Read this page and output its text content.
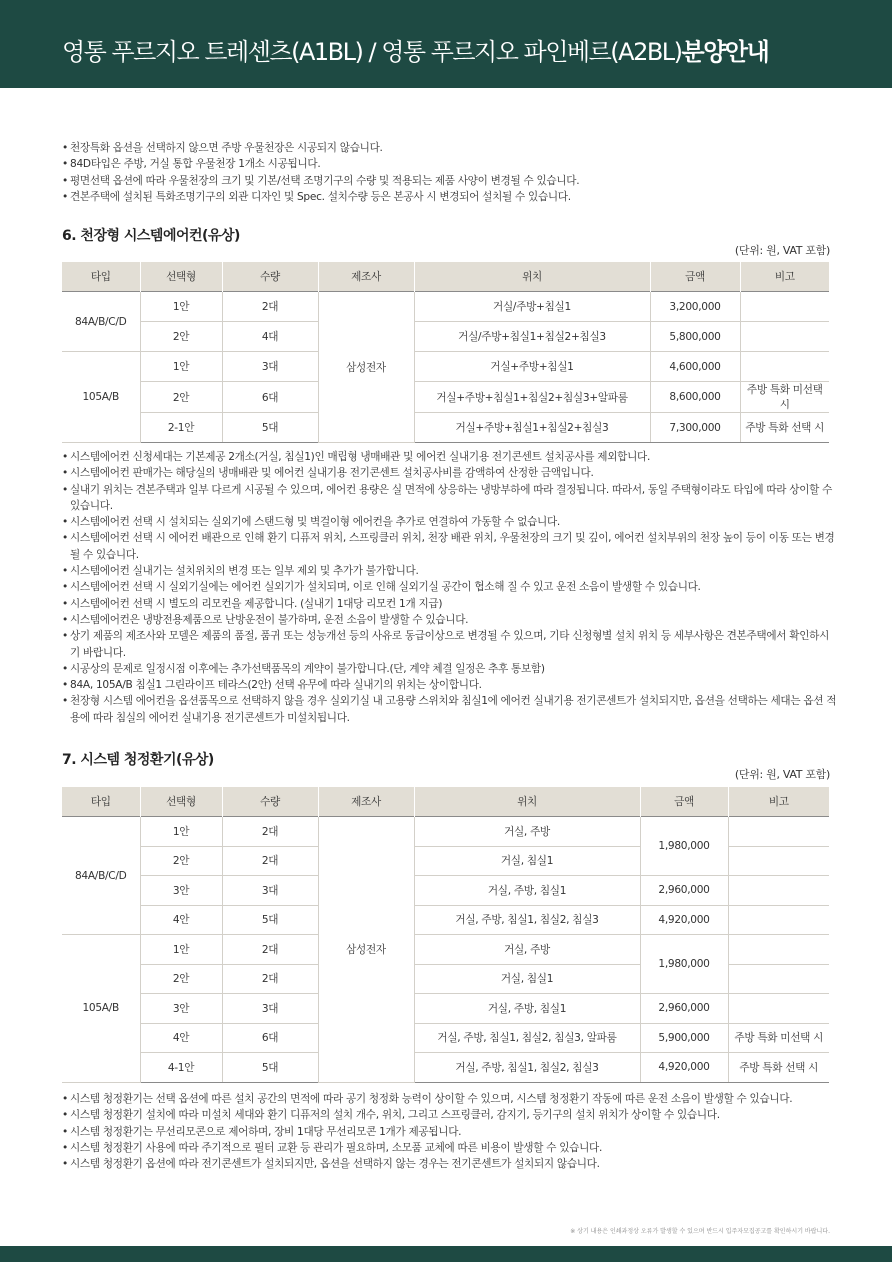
영통 푸르지오 트레센츠(A1BL) / 영통 푸르지오 파인베르(A2BL)분양안내
• 천장특화 옵션을 선택하지 않으면 주방 우물천장은 시공되지 않습니다.
• 84D타입은 주방, 거실 통합 우물천장 1개소 시공됩니다.
• 평면선택 옵션에 따라 우물천장의 크기 및 기본/선택 조명기구의 수량 및 적용되는 제품 사양이 변경될 수 있습니다.
• 견본주택에 설치된 특화조명기구의 외관 디자인 및 Spec. 설치수량 등은 본공사 시 변경되어 설치될 수 있습니다.
6. 천장형 시스템에어컨(유상)
(단위: 원, VAT 포함)
타입	선택형	수량	제조사	위치	금액	비고
84A/B/C/D	1안	2대	삼성전자	거실/주방+침실1	3,200,000	
	2안	4대		거실/주방+침실1+침실2+침실3	5,800,000	
105A/B	1안	3대		거실+주방+침실1	4,600,000	
	2안	6대		거실+주방+침실1+침실2+침실3+알파룸	8,600,000	주방 특화 미선택 시
	2-1안	5대		거실+주방+침실1+침실2+침실3	7,300,000	주방 특화 선택 시
• 시스템에어컨 신청세대는 기본제공 2개소(거실, 침실1)인 매립형 냉매배관 및 에어컨 실내기용 전기콘센트 설치공사를 제외합니다.
• 시스템에어컨 판매가는 해당실의 냉매배관 및 에어컨 실내기용 전기콘센트 설치공사비를 감액하여 산정한 금액입니다.
• 실내기 위치는 견본주택과 일부 다르게 시공될 수 있으며, 에어컨 용량은 실 면적에 상응하는 냉방부하에 따라 결정됩니다. 따라서, 동일 주택형이라도 타입에 따라 상이할 수 있습니다.
• 시스템에어컨 선택 시 설치되는 실외기에 스탠드형 및 벽걸이형 에어컨을 추가로 연결하여 가동할 수 없습니다.
• 시스템에어컨 선택 시 에어컨 배관으로 인해 환기 디퓨저 위치, 스프링클러 위치, 천장 배관 위치, 우물천장의 크기 및 깊이, 에어컨 설치부위의 천장 높이 등이 이동 또는 변경될 수 있습니다.
• 시스템에어컨 실내기는 설치위치의 변경 또는 일부 제외 및 추가가 불가합니다.
• 시스템에어컨 선택 시 실외기실에는 에어컨 실외기가 설치되며, 이로 인해 실외기실 공간이 협소해 질 수 있고 운전 소음이 발생할 수 있습니다.
• 시스템에어컨 선택 시 별도의 리모컨을 제공합니다. (실내기 1대당 리모컨 1개 지급)
• 시스템에어컨은 냉방전용제품으로 난방운전이 불가하며, 운전 소음이 발생할 수 있습니다.
• 상기 제품의 제조사와 모델은 제품의 품절, 품귀 또는 성능개선 등의 사유로 동급이상으로 변경될 수 있으며, 기타 신청형별 설치 위치 등 세부사항은 견본주택에서 확인하시기 바랍니다.
• 시공상의 문제로 일정시점 이후에는 추가선택품목의 계약이 불가합니다.(단, 계약 체결 일정은 추후 통보함)
• 84A, 105A/B 침실1 그린라이프 테라스(2안) 선택 유무에 따라 실내기의 위치는 상이합니다.
• 천장형 시스템 에어컨을 옵션품목으로 선택하지 않을 경우 실외기실 내 고용량 스위치와 침실1에 에어컨 실내기용 전기콘센트가 설치되지만, 옵션을 선택하는 세대는 옵션 적용에 따라 침실의 에어컨 실내기용 전기콘센트가 미설치됩니다.
7. 시스템 청정환기(유상)
(단위: 원, VAT 포함)
타입	선택형	수량	제조사	위치	금액	비고
84A/B/C/D	1안	2대	삼성전자	거실, 주방	1,980,000	
	2안	2대		거실, 침실1		
	3안	3대		거실, 주방, 침실1	2,960,000	
	4안	5대		거실, 주방, 침실1, 침실2, 침실3	4,920,000	
105A/B	1안	2대		거실, 주방	1,980,000	
	2안	2대		거실, 침실1		
	3안	3대		거실, 주방, 침실1	2,960,000	
	4안	6대		거실, 주방, 침실1, 침실2, 침실3, 알파룸	5,900,000	주방 특화 미선택 시
	4-1안	5대		거실, 주방, 침실1, 침실2, 침실3	4,920,000	주방 특화 선택 시
• 시스템 청정환기는 선택 옵션에 따른 설치 공간의 면적에 따라 공기 청정화 능력이 상이할 수 있으며, 시스템 청정환기 작동에 따른 운전 소음이 발생할 수 있습니다.
• 시스템 청정환기 설치에 따라 미설치 세대와 환기 디퓨저의 설치 개수, 위치, 그리고 스프링클러, 감지기, 등기구의 설치 위치가 상이할 수 있습니다.
• 시스템 청정환기는 무선리모콘으로 제어하며, 장비 1대당 무선리모콘 1개가 제공됩니다.
• 시스템 청정환기 사용에 따라 주기적으로 필터 교환 등 관리가 필요하며, 소모품 교체에 따른 비용이 발생할 수 있습니다.
• 시스템 청정환기 옵션에 따라 전기콘센트가 설치되지만, 옵션을 선택하지 않는 경우는 전기콘센트가 설치되지 않습니다.
※ 상기 내용은 인쇄과정상 오류가 발생할 수 있으며 반드시 입주자모집공고를 확인하시기 바랍니다.
